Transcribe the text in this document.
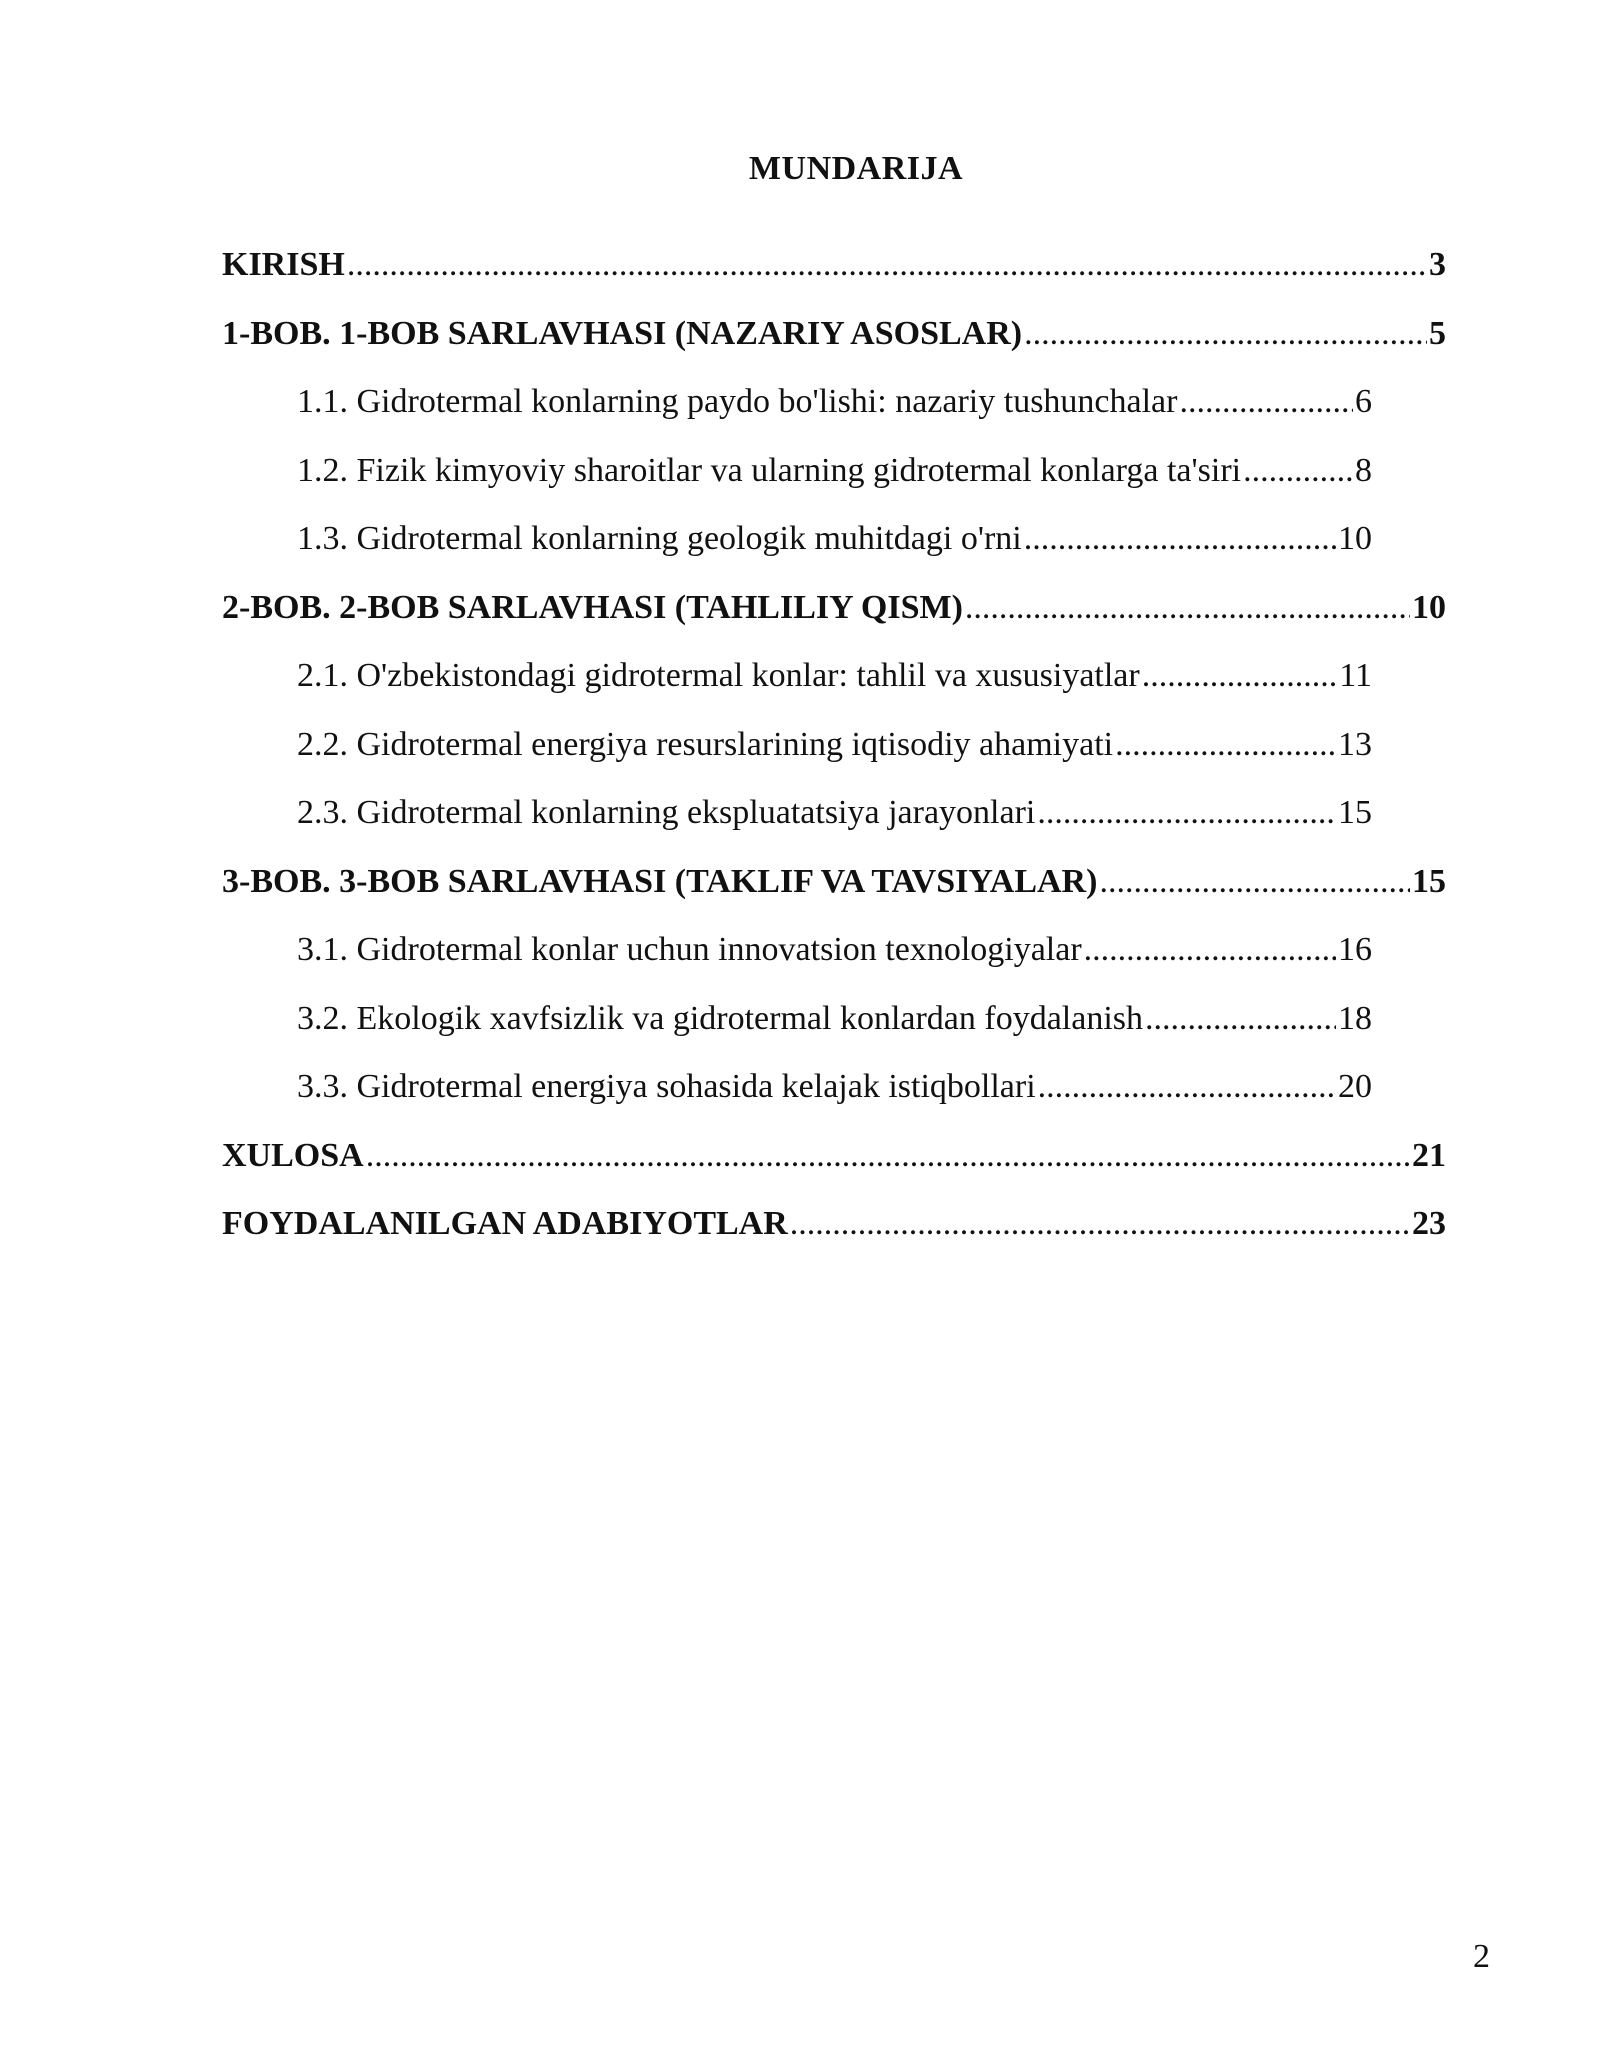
MUNDARIJA
KIRISH .....	3
1-BOB. 1-BOB SARLAVHASI (NAZARIY ASOSLAR) .....	5
1.1. Gidrotermal konlarning paydo bo'lishi: nazariy tushunchalar .....	6
1.2. Fizik kimyoviy sharoitlar va ularning gidrotermal konlarga ta'siri .....	8
1.3. Gidrotermal konlarning geologik muhitdagi o'rni .....	10
2-BOB. 2-BOB SARLAVHASI (TAHLILIY QISM) .....	10
2.1. O'zbekistondagi gidrotermal konlar: tahlil va xususiyatlar .....	11
2.2. Gidrotermal energiya resurslarining iqtisodiy ahamiyati .....	13
2.3. Gidrotermal konlarning ekspluatatsiya jarayonlari .....	15
3-BOB. 3-BOB SARLAVHASI (TAKLIF VA TAVSIYALAR) .....	15
3.1. Gidrotermal konlar uchun innovatsion texnologiyalar .....	16
3.2. Ekologik xavfsizlik va gidrotermal konlardan foydalanish .....	18
3.3. Gidrotermal energiya sohasida kelajak istiqbollari .....	20
XULOSA .....	21
FOYDALANILGAN ADABIYOTLAR .....	23
2
